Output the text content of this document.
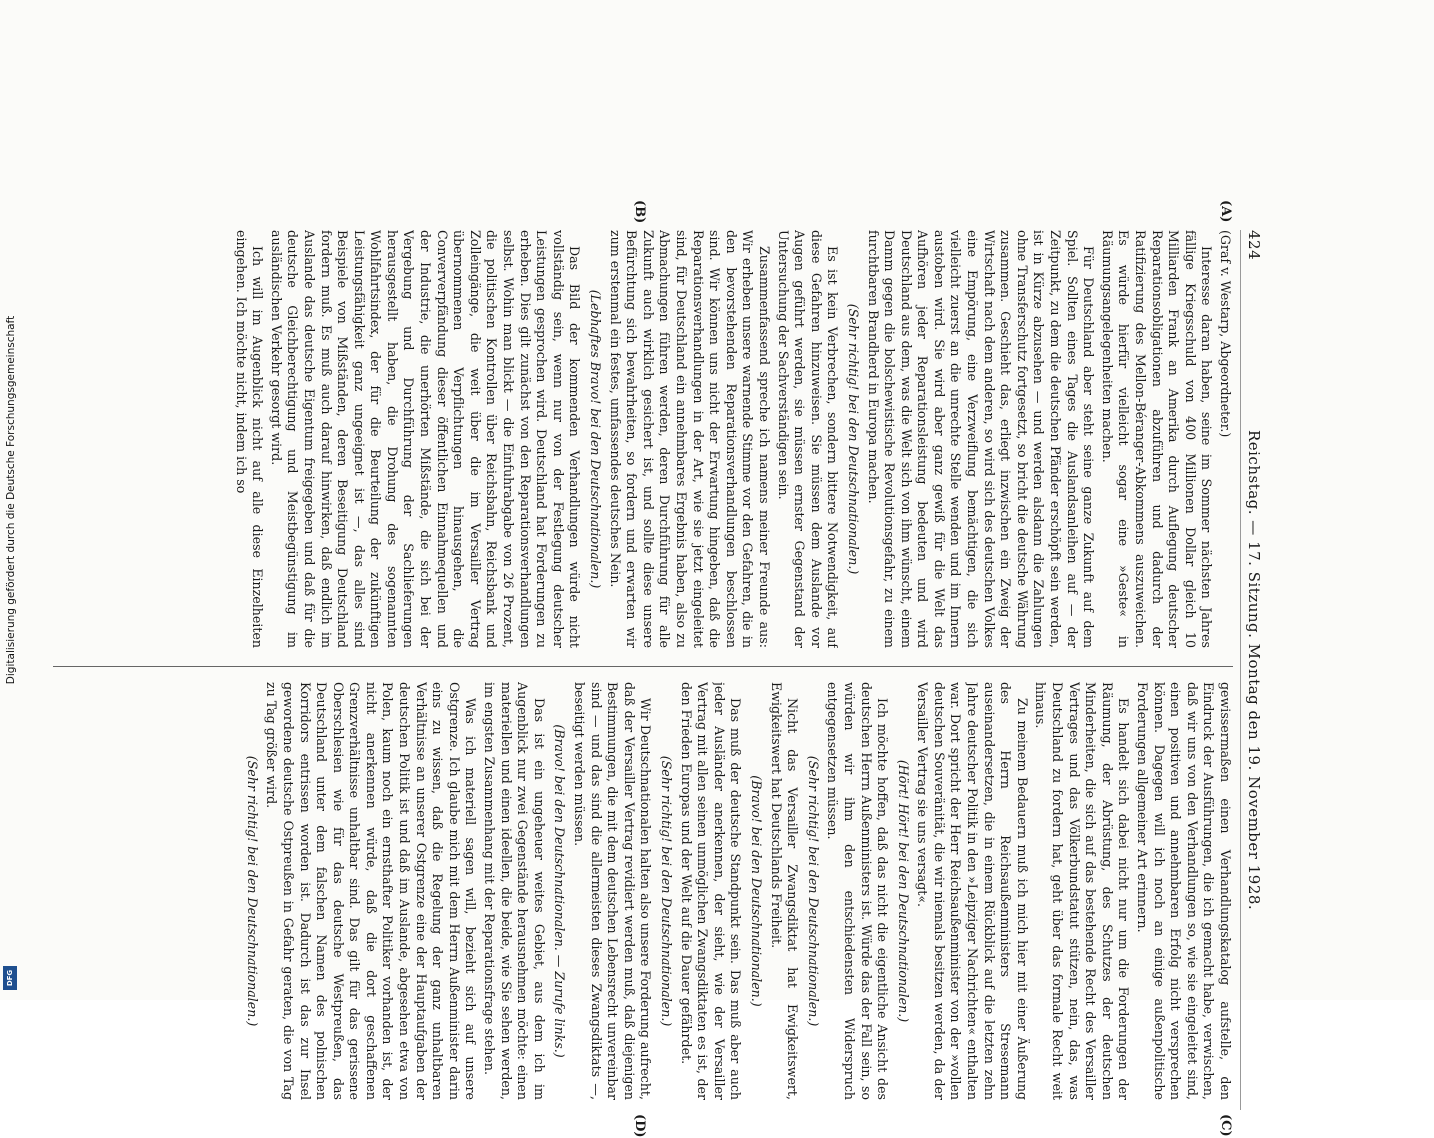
424
Reichstag. — 17. Sitzung. Montag den 19. November 1928.

(Graf v. Westarp, Abgeordneter.)

Interesse daran haben, seine im Sommer nächsten Jahres fällige Kriegsschuld von 400 Millionen Dollar gleich 10 Milliarden Frank an Amerika durch Auflegung deutscher Reparationsobligationen abzuführen und dadurch der Ratifizierung des Mellon-Béranger-Abkommens auszuweichen. Es würde hierfür vielleicht sogar eine »Geste« in Räumungsangelegenheiten machen.

Für Deutschland aber steht seine ganze Zukunft auf dem Spiel. Sollten eines Tages die Auslandsanleihen auf — der Zeitpunkt, zu dem die deutschen Pfänder erschöpft sein werden, ist in Kürze abzusehen — und werden alsdann die Zahlungen ohne Transferschutz fortgesetzt, so bricht die deutsche Währung zusammen. Geschieht das, erliegt inzwischen ein Zweig der Wirtschaft nach dem anderen, so wird sich des deutschen Volkes eine Empörung, eine Verzweiflung bemächtigen, die sich vielleicht zuerst an die unrechte Stelle wenden und im Innern austoben wird. Sie wird aber ganz gewiß für die Welt das Aufhören jeder Reparationsleistung bedeuten und wird Deutschland aus dem, was die Welt sich von ihm wünscht, einem Damm gegen die bolschewistische Revolutionsgefahr, zu einem furchtbaren Brandherd in Europa machen.

(Sehr richtig! bei den Deutschnationalen.)

Es ist kein Verbrechen, sondern bittere Notwendigkeit, auf diese Gefahren hinzuweisen. Sie müssen dem Auslande vor Augen geführt werden, sie müssen ernster Gegenstand der Untersuchung der Sachverständigen sein.

Zusammenfassend spreche ich namens meiner Freunde aus: Wir erheben unsere warnende Stimme vor den Gefahren, die in den bevorstehenden Reparationsverhandlungen beschlossen sind. Wir können uns nicht der Erwartung hingeben, daß die Reparationsverhandlungen in der Art, wie sie jetzt eingeleitet sind, für Deutschland ein annehmbares Ergebnis haben, also zu Abmachungen führen werden, deren Durchführung für alle Zukunft auch wirklich gesichert ist, und sollte diese unsere Befürchtung sich bewahrheiten, so fordern und erwarten wir zum erstenmal ein festes, umfassendes deutsches Nein.

(Lebhaftes Bravo! bei den Deutschnationalen.)

Das Bild der kommenden Verhandlungen würde nicht vollständig sein, wenn nur von der Festlegung deutscher Leistungen gesprochen wird. Deutschland hat Forderungen zu erheben. Dies gilt zunächst von den Reparationsverhandlungen selbst. Wohin man blickt — die Einfuhrabgabe von 26 Prozent, die politischen Kontrollen über Reichsbahn, Reichsbank und Zolleingänge, die weit über die im Versailler Vertrag übernommenen Verpflichtungen hinausgehen, die Conververpfändung dieser öffentlichen Einnahmequellen und der Industrie, die unerhörten Mißstände, die sich bei der Vergebung und Durchführung der Sachlieferungen herausgestellt haben, die Drohung des sogenannten Wohlfahrtsindex, der für die Beurteilung der zukünftigen Leistungsfähigkeit ganz ungeeignet ist —, das alles sind Beispiele von Mißständen, deren Beseitigung Deutschland fordern muß. Es muß auch darauf hinwirken, daß endlich im Auslande das deutsche Eigentum freigegeben und daß für die deutsche Gleichberechtigung und Meistbegünstigung im ausländischen Verkehr gesorgt wird.

Ich will im Augenblick nicht auf alle diese Einzelheiten eingehen. Ich möchte nicht, indem ich so

gewissermaßen einen Verhandlungskatalog aufstelle, den Eindruck der Ausführungen, die ich gemacht habe, verwischen, daß wir uns von den Verhandlungen so, wie sie eingeleitet sind, einen positiven und annehmbaren Erfolg nicht versprechen können. Dagegen will ich noch an einige außenpolitische Forderungen allgemeiner Art erinnern.

Es handelt sich dabei nicht nur um die Forderungen der Räumung, der Abrüstung, des Schutzes der deutschen Minderheiten, die sich auf das bestehende Recht des Versailler Vertrages und das Völkerbundstatut stützen, nein, das, was Deutschland zu fordern hat, geht über das formale Recht weit hinaus.

Zu meinem Bedauern muß ich mich hier mit einer Äußerung des Herrn Reichsaußenministers Stresemann auseinandersetzen, die in einem Rückblick auf die letzten zehn Jahre deutscher Politik in den »Leipziger Nachrichten« enthalten war. Dort spricht der Herr Reichsaußenminister von der »vollen deutschen Souveränität, die wir niemals besitzen werden, da der Versailler Vertrag sie uns versagt«.

(Hört! Hört! bei den Deutschnationalen.)

Ich möchte hoffen, daß das nicht die eigentliche Ansicht des deutschen Herrn Außenministers ist. Würde das der Fall sein, so würden wir ihm den entschiedensten Widerspruch entgegensetzen müssen.

(Sehr richtig! bei den Deutschnationalen.)

Nicht das Versailler Zwangsdiktat hat Ewigkeitswert, Ewigkeitswert hat Deutschlands Freiheit.

(Bravo! bei den Deutschnationalen.)

Das muß der deutsche Standpunkt sein. Das muß aber auch jeder Ausländer anerkennen, der sieht, wie der Versailler Vertrag mit allen seinen unmöglichen Zwangsdiktaten es ist, der den Frieden Europas und der Welt auf die Dauer gefährdet.

(Sehr richtig! bei den Deutschnationalen.)

Wir Deutschnationalen halten also unsere Forderung aufrecht, daß der Versailler Vertrag revidiert werden muß, daß diejenigen Bestimmungen, die mit dem deutschen Lebensrecht unvereinbar sind — und das sind die allermeisten dieses Zwangsdiktats —, beseitigt werden müssen.

(Bravo! bei den Deutschnationalen. — Zurufe links.)

Das ist ein ungeheuer weites Gebiet, aus dem ich im Augenblick nur zwei Gegenstände herausnehmen möchte: einen materiellen und einen ideellen, die beide, wie Sie sehen werden, im engsten Zusammenhang mit der Reparationsfrage stehen.

Was ich materiell sagen will, bezieht sich auf unsere Ostgrenze. Ich glaube mich mit dem Herrn Außenminister darin eins zu wissen, daß die Regelung der ganz unhaltbaren Verhältnisse an unserer Ostgrenze eine der Hauptaufgaben der deutschen Politik ist und daß im Auslande, abgesehen etwa von Polen, kaum noch ein ernsthafter Politiker vorhanden ist, der nicht anerkennen würde, daß die dort geschaffenen Grenzverhältnisse unhaltbar sind. Das gilt für das gerissene Oberschlesien wie für das deutsche Westpreußen, das Deutschland unter dem falschen Namen des polnischen Korridors entrissen worden ist. Dadurch ist das zur Insel gewordene deutsche Ostpreußen in Gefahr geraten, die von Tag zu Tag größer wird.

(Sehr richtig! bei den Deutschnationalen.)

(A)
(B)
(C)
(D)
Digitalisierung gefördert durch die Deutsche Forschungsgemeinschaft
DFG
